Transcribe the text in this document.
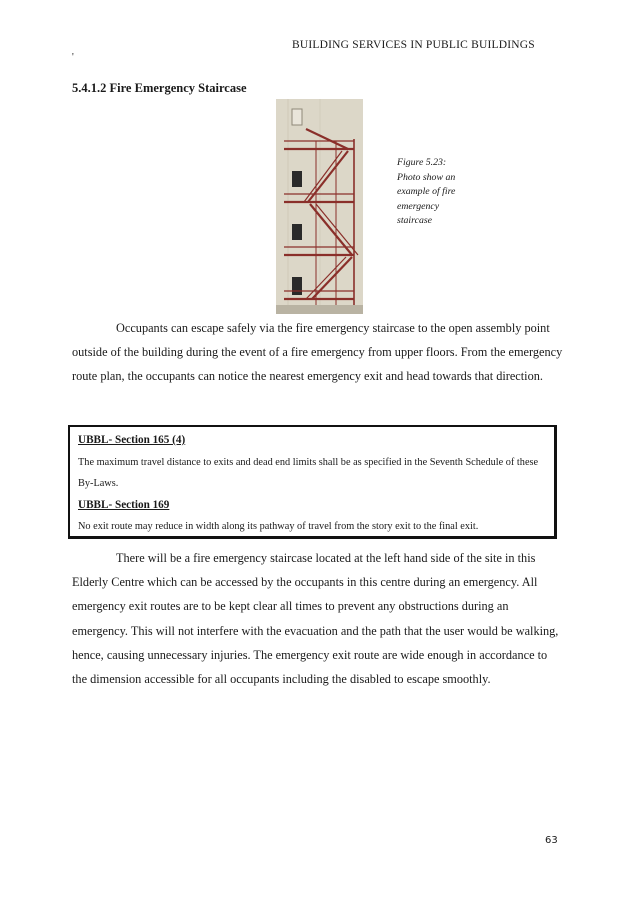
BUILDING SERVICES IN PUBLIC BUILDINGS
'
5.4.1.2 Fire Emergency Staircase
Figure 5.23:
Photo show an
example of fire
emergency
staircase

Occupants can escape safely via the fire emergency staircase to the open assembly point outside of the building during the event of a fire emergency from upper floors. From the emergency route plan, the occupants can notice the nearest emergency exit and head towards that direction.

UBBL- Section 165 (4)
The maximum travel distance to exits and dead end limits shall be as specified in the Seventh Schedule of these By-Laws.
UBBL- Section 169
No exit route may reduce in width along its pathway of travel from the story exit to the final exit.

There will be a fire emergency staircase located at the left hand side of the site in this Elderly Centre which can be accessed by the occupants in this centre during an emergency. All emergency exit routes are to be kept clear all times to prevent any obstructions during an emergency. This will not interfere with the evacuation and the path that the user would be walking, hence, causing unnecessary injuries. The emergency exit route are wide enough in accordance to the dimension accessible for all occupants including the disabled to escape smoothly.

63
